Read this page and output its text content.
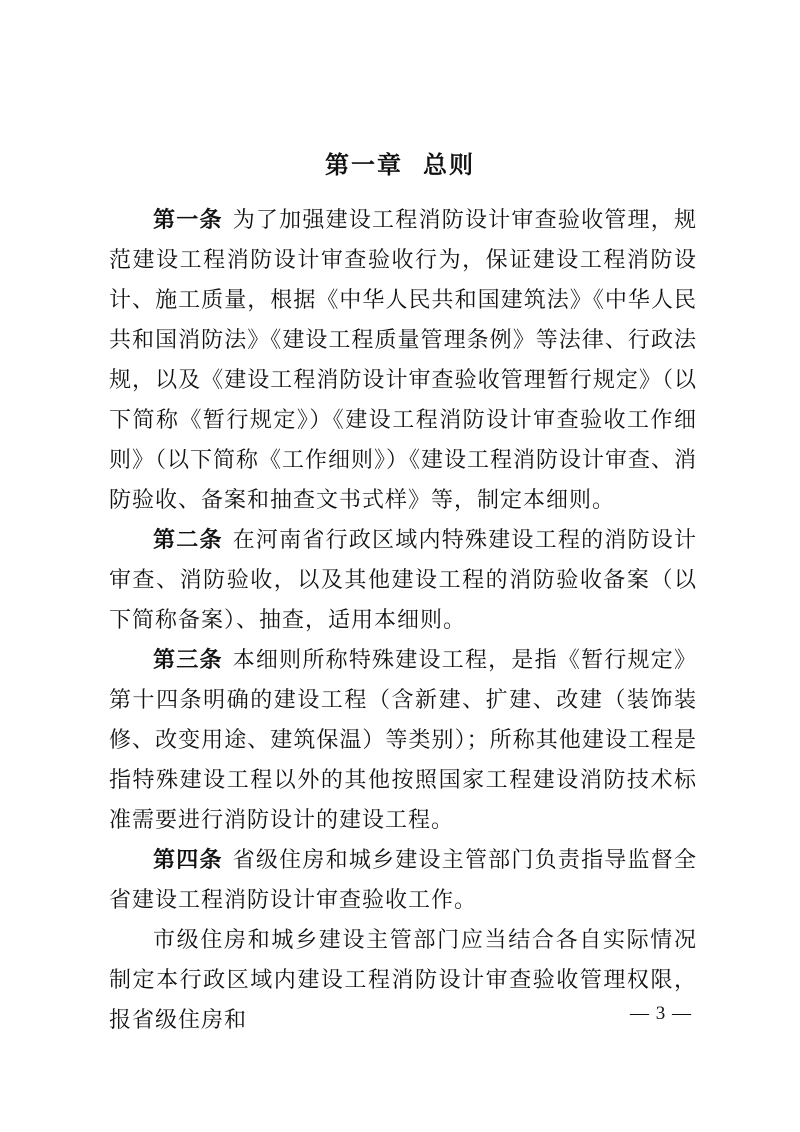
第一章 总则

第一条 为了加强建设工程消防设计审查验收管理，规范建设工程消防设计审查验收行为，保证建设工程消防设计、施工质量，根据《中华人民共和国建筑法》《中华人民共和国消防法》《建设工程质量管理条例》等法律、行政法规，以及《建设工程消防设计审查验收管理暂行规定》（以下简称《暂行规定》）《建设工程消防设计审查验收工作细则》（以下简称《工作细则》）《建设工程消防设计审查、消防验收、备案和抽查文书式样》等，制定本细则。

第二条 在河南省行政区域内特殊建设工程的消防设计审查、消防验收，以及其他建设工程的消防验收备案（以下简称备案）、抽查，适用本细则。

第三条 本细则所称特殊建设工程，是指《暂行规定》第十四条明确的建设工程（含新建、扩建、改建（装饰装修、改变用途、建筑保温）等类别）；所称其他建设工程是指特殊建设工程以外的其他按照国家工程建设消防技术标准需要进行消防设计的建设工程。

第四条 省级住房和城乡建设主管部门负责指导监督全省建设工程消防设计审查验收工作。

市级住房和城乡建设主管部门应当结合各自实际情况制定本行政区域内建设工程消防设计审查验收管理权限，报省级住房和	— 3 —
